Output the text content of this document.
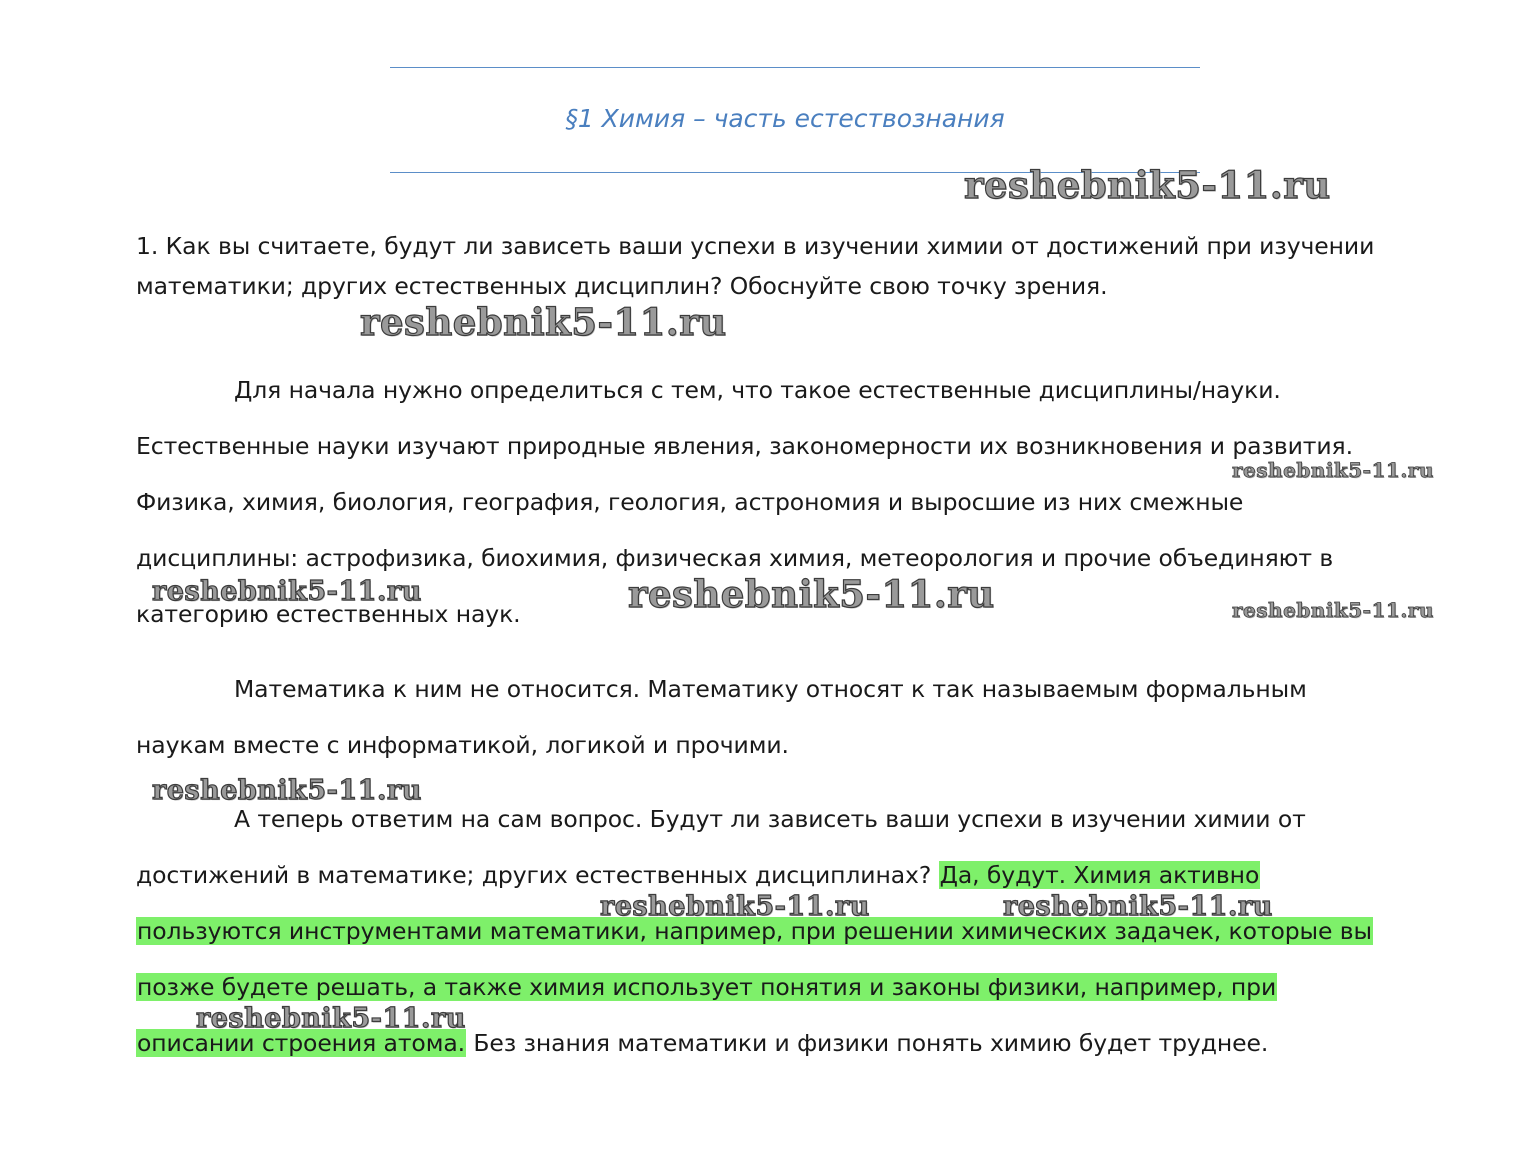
§1 Химия – часть естествознания
1. Как вы считаете, будут ли зависеть ваши успехи в изучении химии от достижений при изучении
математики; других естественных дисциплин? Обоснуйте свою точку зрения.
Для начала нужно определиться с тем, что такое естественные дисциплины/науки.
Естественные науки изучают природные явления, закономерности их возникновения и развития.
Физика, химия, биология, география, геология, астрономия и выросшие из них смежные
дисциплины: астрофизика, биохимия, физическая химия, метеорология и прочие объединяют в
категорию естественных наук.
Математика к ним не относится. Математику относят к так называемым формальным
наукам вместе с информатикой, логикой и прочими.
А теперь ответим на сам вопрос. Будут ли зависеть ваши успехи в изучении химии от
достижений в математике; других естественных дисциплинах? Да, будут. Химия активно
пользуются инструментами математики, например, при решении химических задачек, которые вы
позже будете решать, а также химия использует понятия и законы физики, например, при
описании строения атома. Без знания математики и физики понять химию будет труднее.
reshebnik5-11.ru
reshebnik5-11.ru
reshebnik5-11.ru
reshebnik5-11.ru	reshebnik5-11.ru	reshebnik5-11.ru
reshebnik5-11.ru
reshebnik5-11.ru	reshebnik5-11.ru
reshebnik5-11.ru
